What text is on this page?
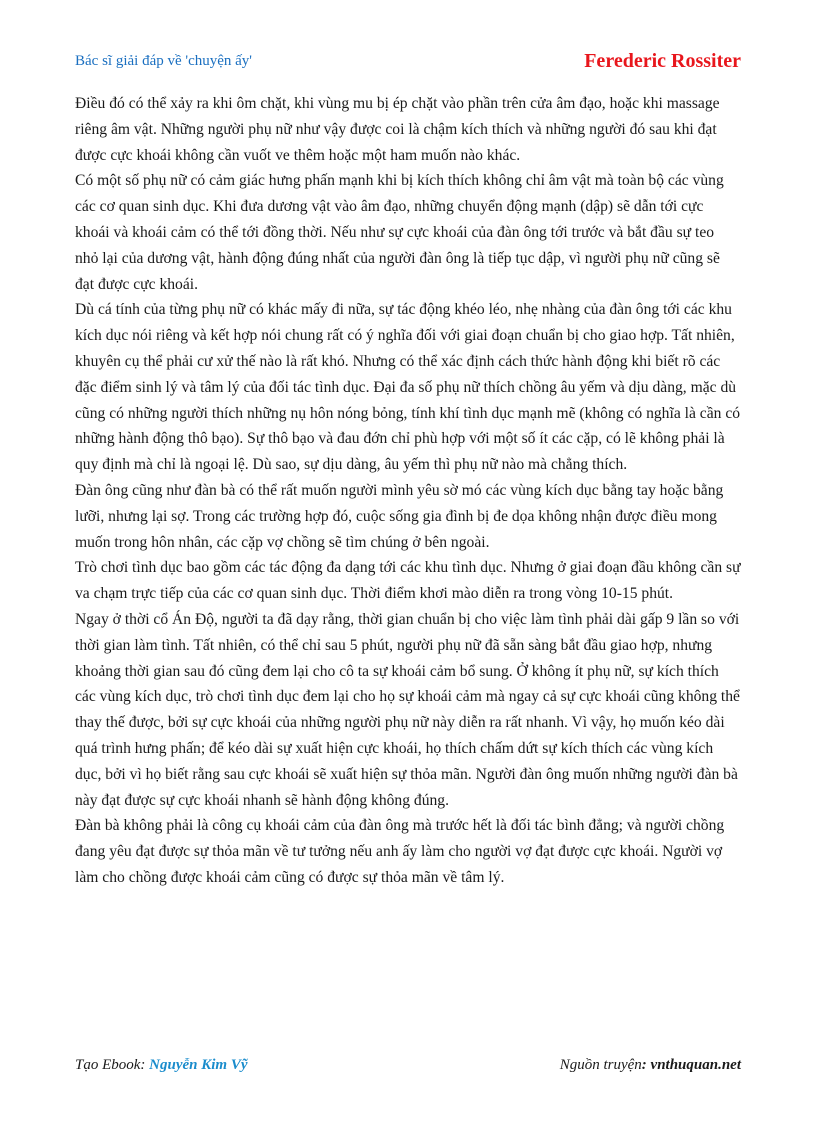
Bác sĩ giải đáp về 'chuyện ấy'	Ferederic Rossiter

Điều đó có thể xảy ra khi ôm chặt, khi vùng mu bị ép chặt vào phần trên cửa âm đạo, hoặc khi massage riêng âm vật. Những người phụ nữ như vậy được coi là chậm kích thích và những người đó sau khi đạt được cực khoái không cần vuốt ve thêm hoặc một ham muốn nào khác.

Có một số phụ nữ có cảm giác hưng phấn mạnh khi bị kích thích không chỉ âm vật mà toàn bộ các vùng các cơ quan sinh dục. Khi đưa dương vật vào âm đạo, những chuyển động mạnh (dập) sẽ dẫn tới cực khoái và khoái cảm có thể tới đồng thời. Nếu như sự cực khoái của đàn ông tới trước và bắt đầu sự teo nhỏ lại của dương vật, hành động đúng nhất của người đàn ông là tiếp tục dập, vì người phụ nữ cũng sẽ đạt được cực khoái.

Dù cá tính của từng phụ nữ có khác mấy đi nữa, sự tác động khéo léo, nhẹ nhàng của đàn ông tới các khu kích dục nói riêng và kết hợp nói chung rất có ý nghĩa đối với giai đoạn chuẩn bị cho giao hợp. Tất nhiên, khuyên cụ thể phải cư xử thế nào là rất khó. Nhưng có thể xác định cách thức hành động khi biết rõ các đặc điểm sinh lý và tâm lý của đối tác tình dục. Đại đa số phụ nữ thích chồng âu yếm và dịu dàng, mặc dù cũng có những người thích những nụ hôn nóng bỏng, tính khí tình dục mạnh mẽ (không có nghĩa là cần có những hành động thô bạo). Sự thô bạo và đau đớn chỉ phù hợp với một số ít các cặp, có lẽ không phải là quy định mà chỉ là ngoại lệ. Dù sao, sự dịu dàng, âu yếm thì phụ nữ nào mà chẳng thích.

Đàn ông cũng như đàn bà có thể rất muốn người mình yêu sờ mó các vùng kích dục bằng tay hoặc bằng lưỡi, nhưng lại sợ. Trong các trường hợp đó, cuộc sống gia đình bị đe dọa không nhận được điều mong muốn trong hôn nhân, các cặp vợ chồng sẽ tìm chúng ở bên ngoài.

Trò chơi tình dục bao gồm các tác động đa dạng tới các khu tình dục. Nhưng ở giai đoạn đầu không cần sự va chạm trực tiếp của các cơ quan sinh dục. Thời điểm khơi mào diễn ra trong vòng 10-15 phút.

Ngay ở thời cổ Án Độ, người ta đã dạy rằng, thời gian chuẩn bị cho việc làm tình phải dài gấp 9 lần so với thời gian làm tình. Tất nhiên, có thể chỉ sau 5 phút, người phụ nữ đã sẵn sàng bắt đầu giao hợp, nhưng khoảng thời gian sau đó cũng đem lại cho cô ta sự khoái cảm bổ sung. Ở không ít phụ nữ, sự kích thích các vùng kích dục, trò chơi tình dục đem lại cho họ sự khoái cảm mà ngay cả sự cực khoái cũng không thể thay thế được, bởi sự cực khoái của những người phụ nữ này diễn ra rất nhanh. Vì vậy, họ muốn kéo dài quá trình hưng phấn; để kéo dài sự xuất hiện cực khoái, họ thích chấm dứt sự kích thích các vùng kích dục, bởi vì họ biết rằng sau cực khoái sẽ xuất hiện sự thỏa mãn. Người đàn ông muốn những người đàn bà này đạt được sự cực khoái nhanh sẽ hành động không đúng.

Đàn bà không phải là công cụ khoái cảm của đàn ông mà trước hết là đối tác bình đẳng; và người chồng đang yêu đạt được sự thỏa mãn về tư tưởng nếu anh ấy làm cho người vợ đạt được cực khoái. Người vợ làm cho chồng được khoái cảm cũng có được sự thỏa mãn về tâm lý.

Tạo Ebook: Nguyễn Kim Vỹ	Nguồn truyện: vnthuquan.net
